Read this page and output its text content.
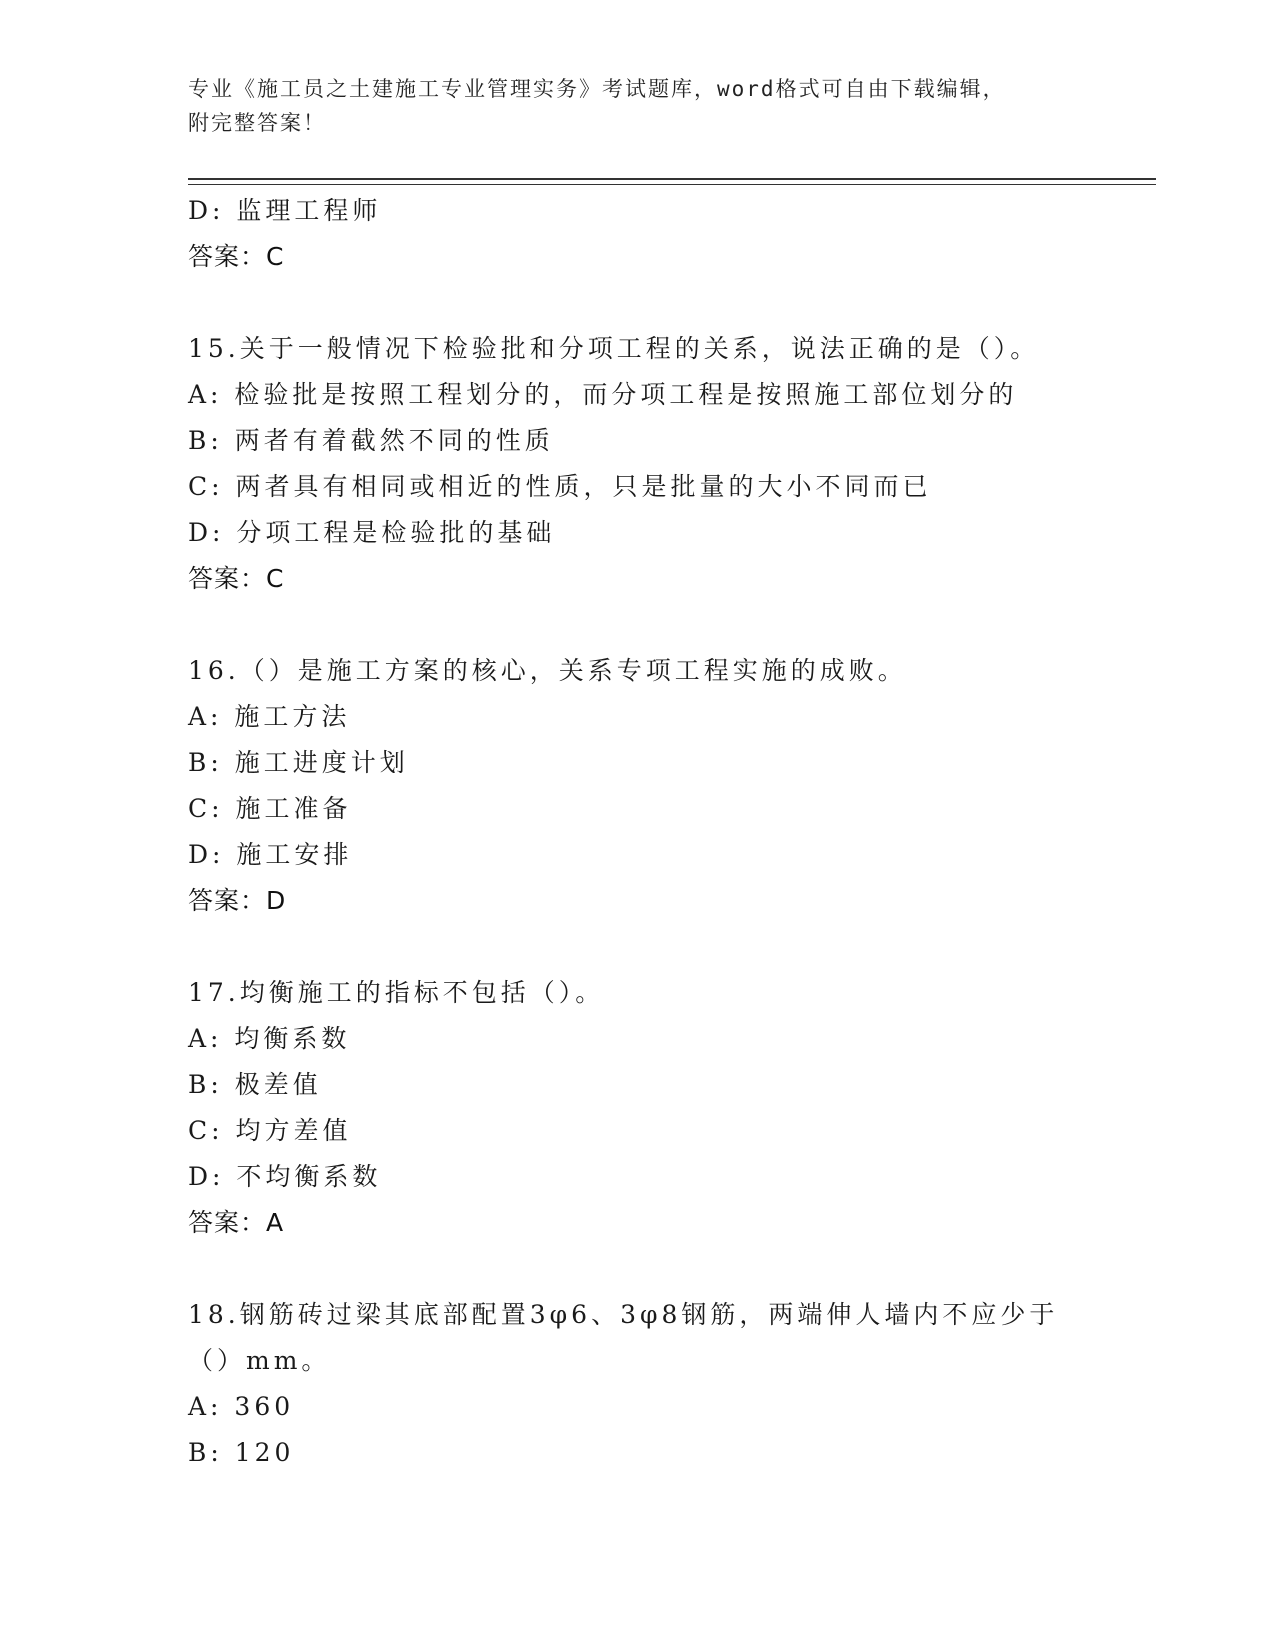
专业《施工员之土建施工专业管理实务》考试题库，word格式可自由下载编辑，
附完整答案！
D: 监理工程师
答案：C
15.关于一般情况下检验批和分项工程的关系，说法正确的是（）。
A: 检验批是按照工程划分的，而分项工程是按照施工部位划分的
B: 两者有着截然不同的性质
C: 两者具有相同或相近的性质，只是批量的大小不同而已
D: 分项工程是检验批的基础
答案：C
16.（）是施工方案的核心，关系专项工程实施的成败。
A: 施工方法
B: 施工进度计划
C: 施工准备
D: 施工安排
答案：D
17.均衡施工的指标不包括（）。
A: 均衡系数
B: 极差值
C: 均方差值
D: 不均衡系数
答案：A
18.钢筋砖过梁其底部配置3φ6、3φ8钢筋，两端伸人墙内不应少于
（）mm。
A: 360
B: 120
